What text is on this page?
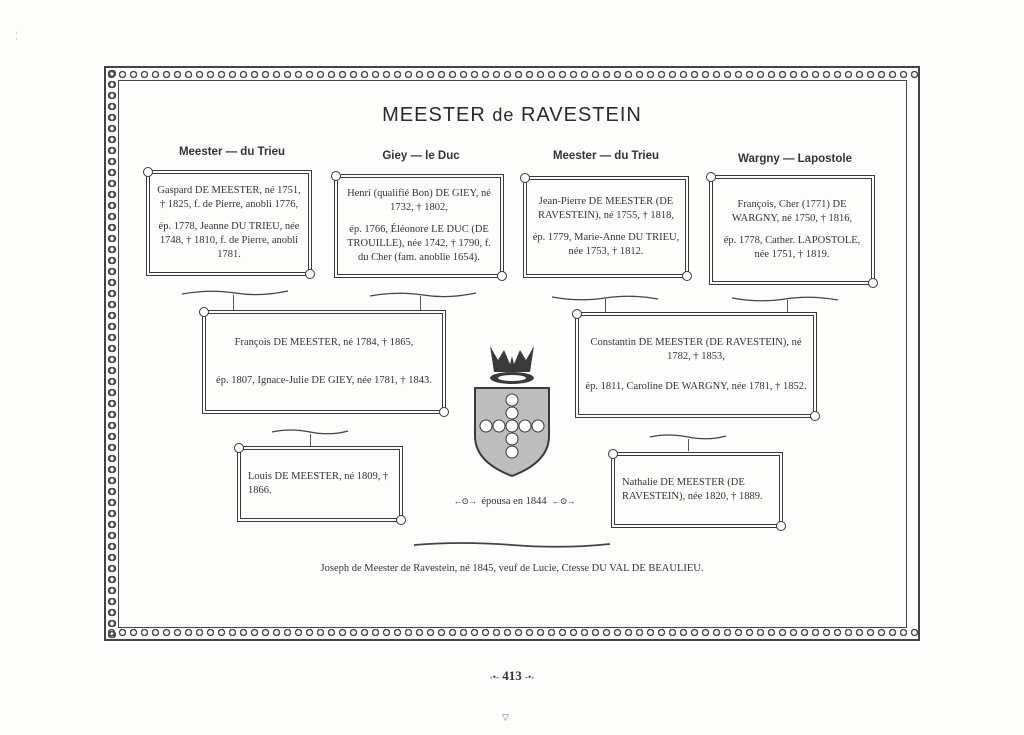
¦
MEESTER de RAVESTEIN
Meester — du Trieu	Giey — le Duc	Meester — du Trieu	Wargny — Lapostole

Gaspard DE MEESTER, né 1751, † 1825, f. de Pierre, anobli 1776,

ép. 1778, Jeanne DU TRIEU, née 1748, † 1810, f. de Pierre, anobli 1781.

Henri (qualifié Bon) DE GIEY, né 1732, † 1802,

ép. 1766, Éléonore LE DUC (DE TROUILLE), née 1742, † 1790, f. du Cher (fam. anoblie 1654).

Jean-Pierre DE MEESTER (DE RAVESTEIN), né 1755, † 1818,

ép. 1779, Marie-Anne DU TRIEU, née 1753, † 1812.

François, Cher (1771) DE WARGNY, né 1750, † 1816,

ép. 1778, Cather. LAPOSTOLE, née 1751, † 1819.

François DE MEESTER, né 1784, † 1865,

ép. 1807, Ignace-Julie DE GIEY, née 1781, † 1843.

Constantin DE MEESTER (DE RAVESTEIN), né 1782, † 1853,

ép. 1811, Caroline DE WARGNY, née 1781, † 1852.

Louis DE MEESTER, né 1809, † 1866.

Nathalie DE MEESTER (DE RAVESTEIN), née 1820, † 1889.

←⊙→ épousa en 1844 ←⊙→
Joseph de Meester de Ravestein, né 1845, veuf de Lucie, Ctesse DU VAL DE BEAULIEU.
-•- 413 -•-
▽
